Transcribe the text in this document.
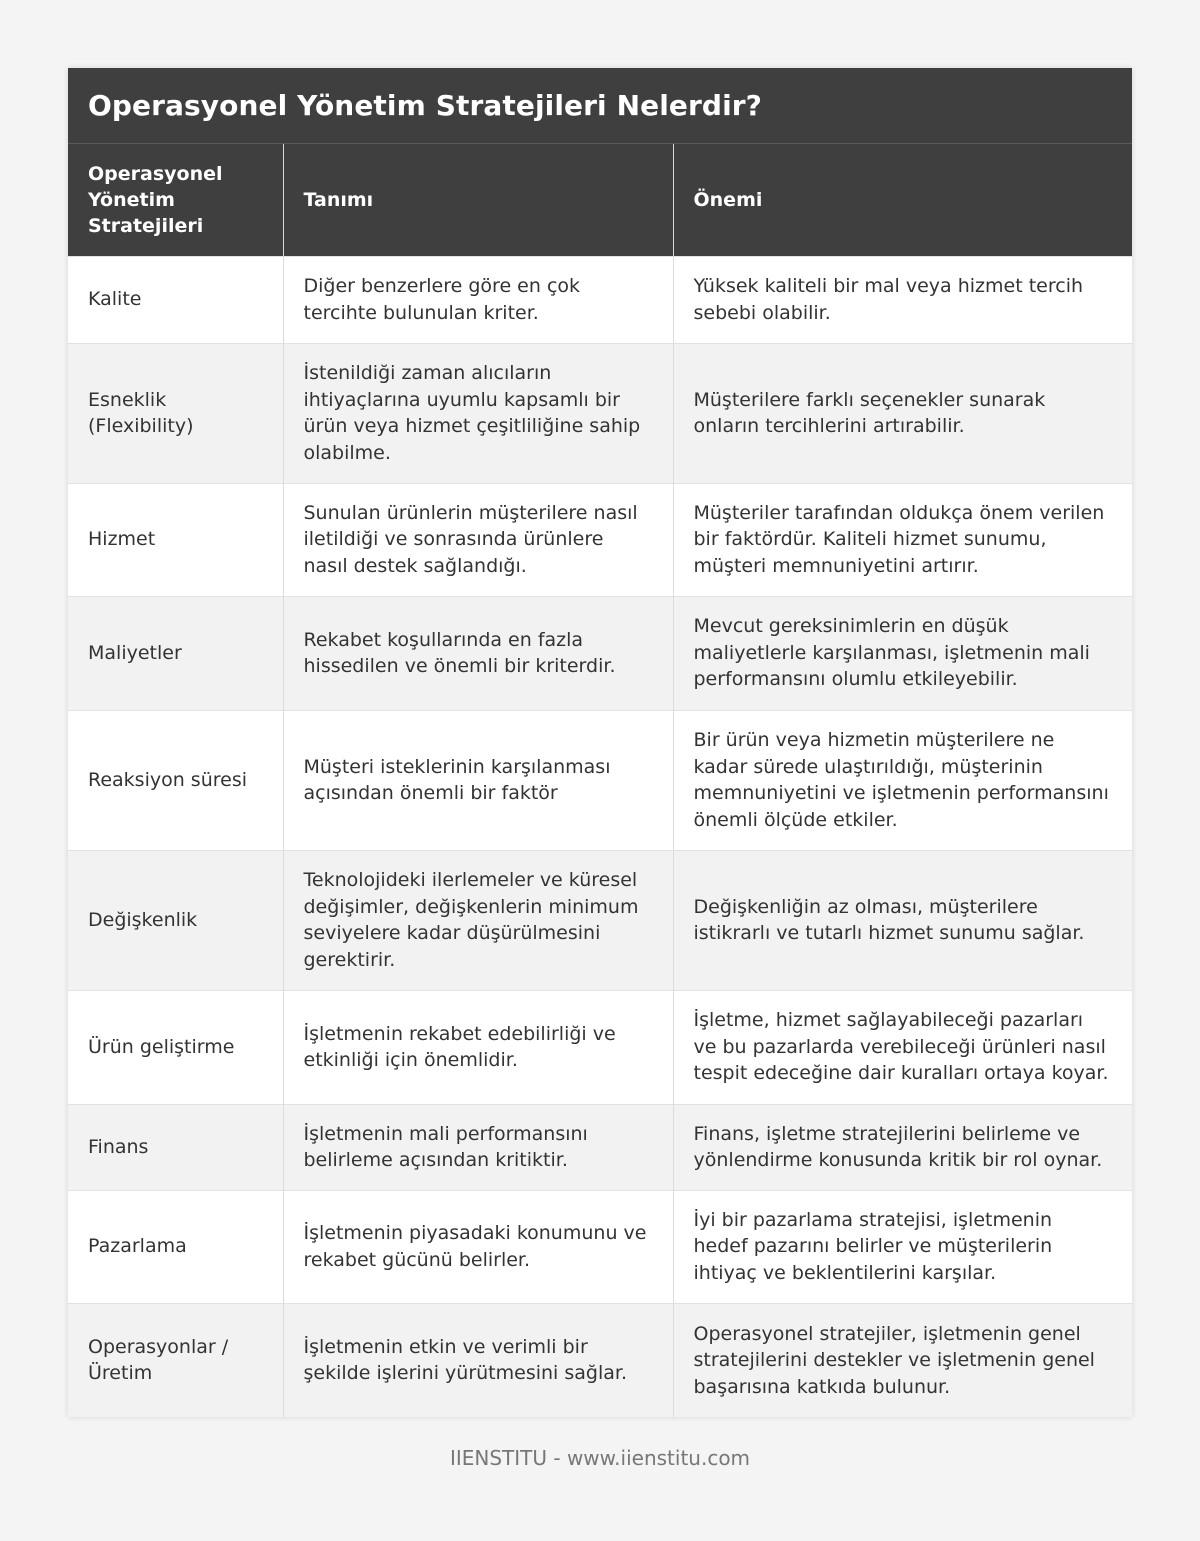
Operasyonel Yönetim Stratejileri Nelerdir?
Operasyonel Yönetim Stratejileri	Tanımı	Önemi
Kalite	Diğer benzerlere göre en çok tercihte bulunulan kriter.	Yüksek kaliteli bir mal veya hizmet tercih sebebi olabilir.
Esneklik (Flexibility)	İstenildiği zaman alıcıların ihtiyaçlarına uyumlu kapsamlı bir ürün veya hizmet çeşitliliğine sahip olabilme.	Müşterilere farklı seçenekler sunarak onların tercihlerini artırabilir.
Hizmet	Sunulan ürünlerin müşterilere nasıl iletildiği ve sonrasında ürünlere nasıl destek sağlandığı.	Müşteriler tarafından oldukça önem verilen bir faktördür. Kaliteli hizmet sunumu, müşteri memnuniyetini artırır.
Maliyetler	Rekabet koşullarında en fazla hissedilen ve önemli bir kriterdir.	Mevcut gereksinimlerin en düşük maliyetlerle karşılanması, işletmenin mali performansını olumlu etkileyebilir.
Reaksiyon süresi	Müşteri isteklerinin karşılanması açısından önemli bir faktör	Bir ürün veya hizmetin müşterilere ne kadar sürede ulaştırıldığı, müşterinin memnuniyetini ve işletmenin performansını önemli ölçüde etkiler.
Değişkenlik	Teknolojideki ilerlemeler ve küresel değişimler, değişkenlerin minimum seviyelere kadar düşürülmesini gerektirir.	Değişkenliğin az olması, müşterilere istikrarlı ve tutarlı hizmet sunumu sağlar.
Ürün geliştirme	İşletmenin rekabet edebilirliği ve etkinliği için önemlidir.	İşletme, hizmet sağlayabileceği pazarları ve bu pazarlarda verebileceği ürünleri nasıl tespit edeceğine dair kuralları ortaya koyar.
Finans	İşletmenin mali performansını belirleme açısından kritiktir.	Finans, işletme stratejilerini belirleme ve yönlendirme konusunda kritik bir rol oynar.
Pazarlama	İşletmenin piyasadaki konumunu ve rekabet gücünü belirler.	İyi bir pazarlama stratejisi, işletmenin hedef pazarını belirler ve müşterilerin ihtiyaç ve beklentilerini karşılar.
Operasyonlar / Üretim	İşletmenin etkin ve verimli bir şekilde işlerini yürütmesini sağlar.	Operasyonel stratejiler, işletmenin genel stratejilerini destekler ve işletmenin genel başarısına katkıda bulunur.
IIENSTITU - www.iienstitu.com
